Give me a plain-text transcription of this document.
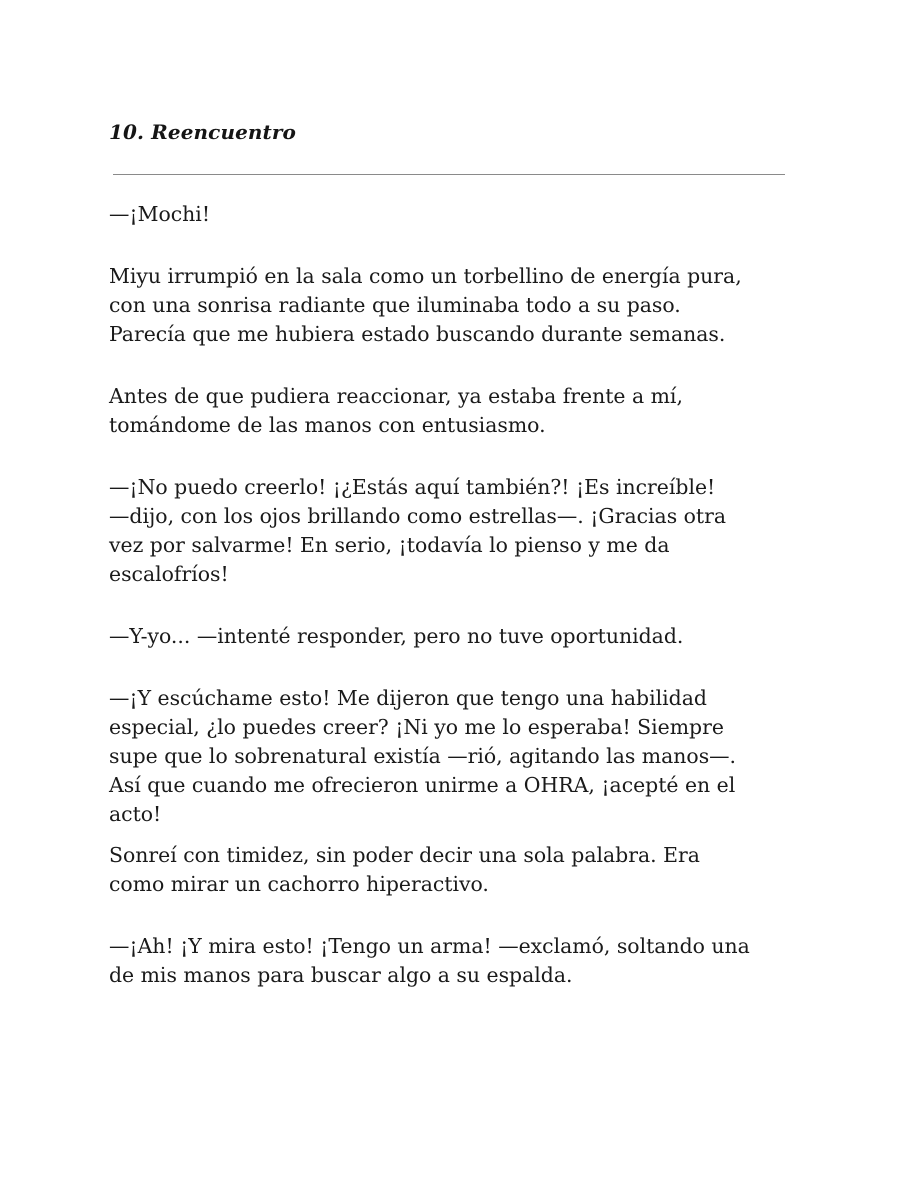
10. Reencuentro

—¡Mochi!

Miyu irrumpió en la sala como un torbellino de energía pura,
con una sonrisa radiante que iluminaba todo a su paso.
Parecía que me hubiera estado buscando durante semanas.

Antes de que pudiera reaccionar, ya estaba frente a mí,
tomándome de las manos con entusiasmo.

—¡No puedo creerlo! ¡¿Estás aquí también?! ¡Es increíble!
—dijo, con los ojos brillando como estrellas—. ¡Gracias otra
vez por salvarme! En serio, ¡todavía lo pienso y me da
escalofríos!

—Y-yo... —intenté responder, pero no tuve oportunidad.

—¡Y escúchame esto! Me dijeron que tengo una habilidad
especial, ¿lo puedes creer? ¡Ni yo me lo esperaba! Siempre
supe que lo sobrenatural existía —rió, agitando las manos—.
Así que cuando me ofrecieron unirme a OHRA, ¡acepté en el
acto!

Sonreí con timidez, sin poder decir una sola palabra. Era
como mirar un cachorro hiperactivo.

—¡Ah! ¡Y mira esto! ¡Tengo un arma! —exclamó, soltando una
de mis manos para buscar algo a su espalda.
